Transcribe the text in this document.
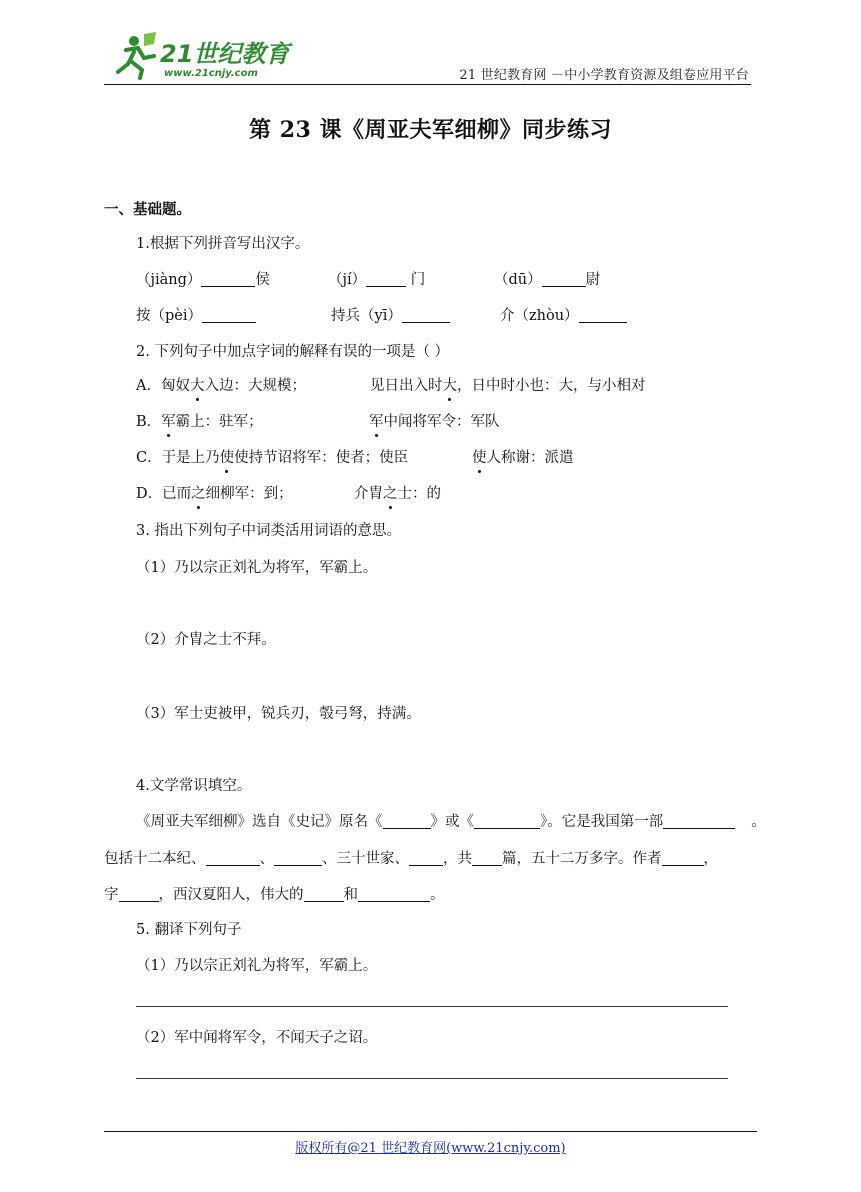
21世纪教育
www.21cnjy.com	21 世纪教育网 －中小学教育资源及组卷应用平台
第 23 课《周亚夫军细柳》同步练习
一、基础题。
1.根据下列拼音写出汉字。
（jiàng）	侯	（jí）	门	（dū）	尉
按（pèi）	持兵（yī）	介（zhòu）
2. 下列句子中加点字词的解释有误的一项是（ ）
A．匈奴大入边：大规模；	见日出入时大，日中时小也：大，与小相对
B．军霸上：驻军；	军中闻将军令：军队
C．于是上乃使使持节诏将军：使者；使臣	使人称谢：派遣
D．已而之细柳军：到；	介胄之士：的
3. 指出下列句子中词类活用词语的意思。
（1）乃以宗正刘礼为将军，军霸上。
（2）介胄之士不拜。
（3）军士吏被甲，锐兵刃，彀弓弩，持满。
4.文学常识填空。
《周亚夫军细柳》选自《史记》原名《	》或《	》。它是我国第一部	。
包括十二本纪、	、	、三十世家、 ，共 篇，五十二万多字。作者	，
字	，西汉夏阳人，伟大的	和	。
5. 翻译下列句子
（1）乃以宗正刘礼为将军，军霸上。
（2）军中闻将军令，不闻天子之诏。
版权所有@21 世纪教育网(www.21cnjy.com)
